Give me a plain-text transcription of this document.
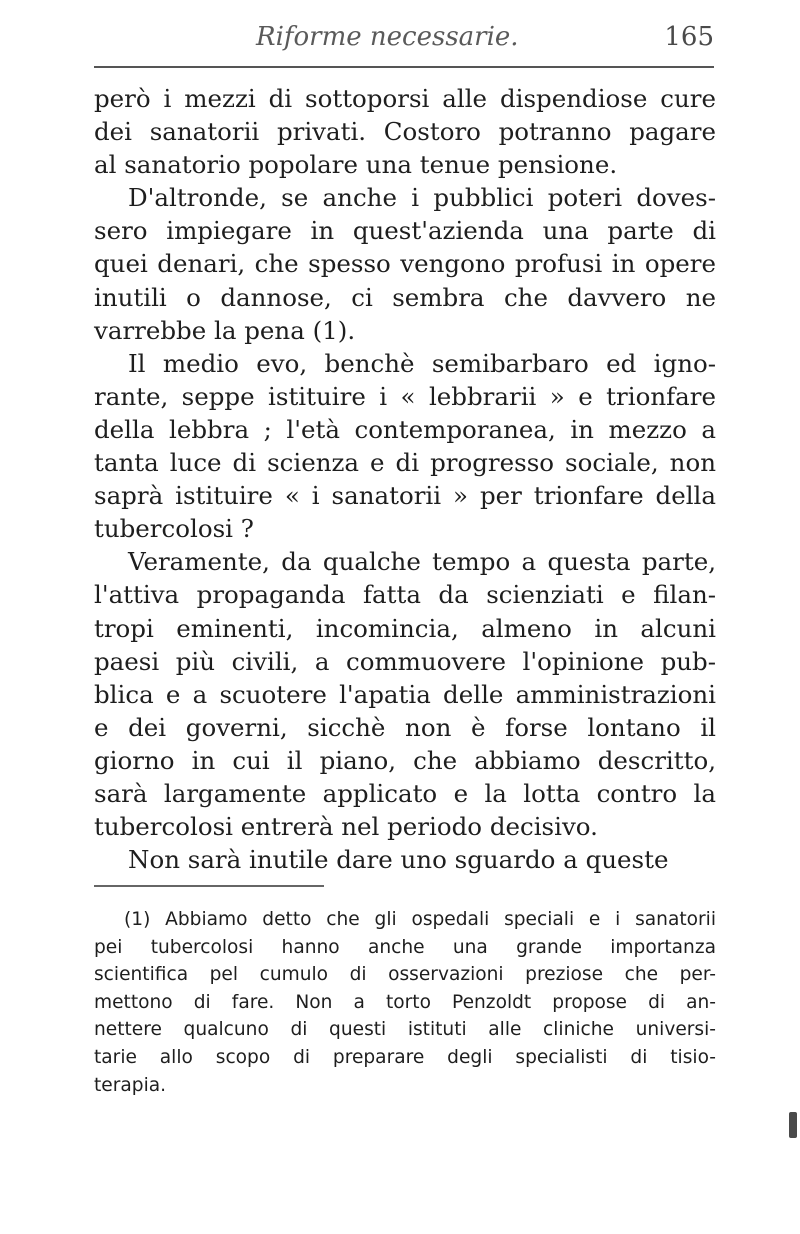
Riforme necessarie.	165
però i mezzi di sottoporsi alle dispendiose cure
dei sanatorii privati. Costoro potranno pagare
al sanatorio popolare una tenue pensione.
D'altronde, se anche i pubblici poteri doves-
sero impiegare in quest'azienda una parte di
quei denari, che spesso vengono profusi in opere
inutili o dannose, ci sembra che davvero ne
varrebbe la pena (1).
Il medio evo, benchè semibarbaro ed igno-
rante, seppe istituire i « lebbrarii » e trionfare
della lebbra ; l'età contemporanea, in mezzo a
tanta luce di scienza e di progresso sociale, non
saprà istituire « i sanatorii » per trionfare della
tubercolosi ?
Veramente, da qualche tempo a questa parte,
l'attiva propaganda fatta da scienziati e filan-
tropi eminenti, incomincia, almeno in alcuni
paesi più civili, a commuovere l'opinione pub-
blica e a scuotere l'apatia delle amministrazioni
e dei governi, sicchè non è forse lontano il
giorno in cui il piano, che abbiamo descritto,
sarà largamente applicato e la lotta contro la
tubercolosi entrerà nel periodo decisivo.
Non sarà inutile dare uno sguardo a queste
(1) Abbiamo detto che gli ospedali speciali e i sanatorii
pei tubercolosi hanno anche una grande importanza
scientifica pel cumulo di osservazioni preziose che per-
mettono di fare. Non a torto Penzoldt propose di an-
nettere qualcuno di questi istituti alle cliniche universi-
tarie allo scopo di preparare degli specialisti di tisio-
terapia.
